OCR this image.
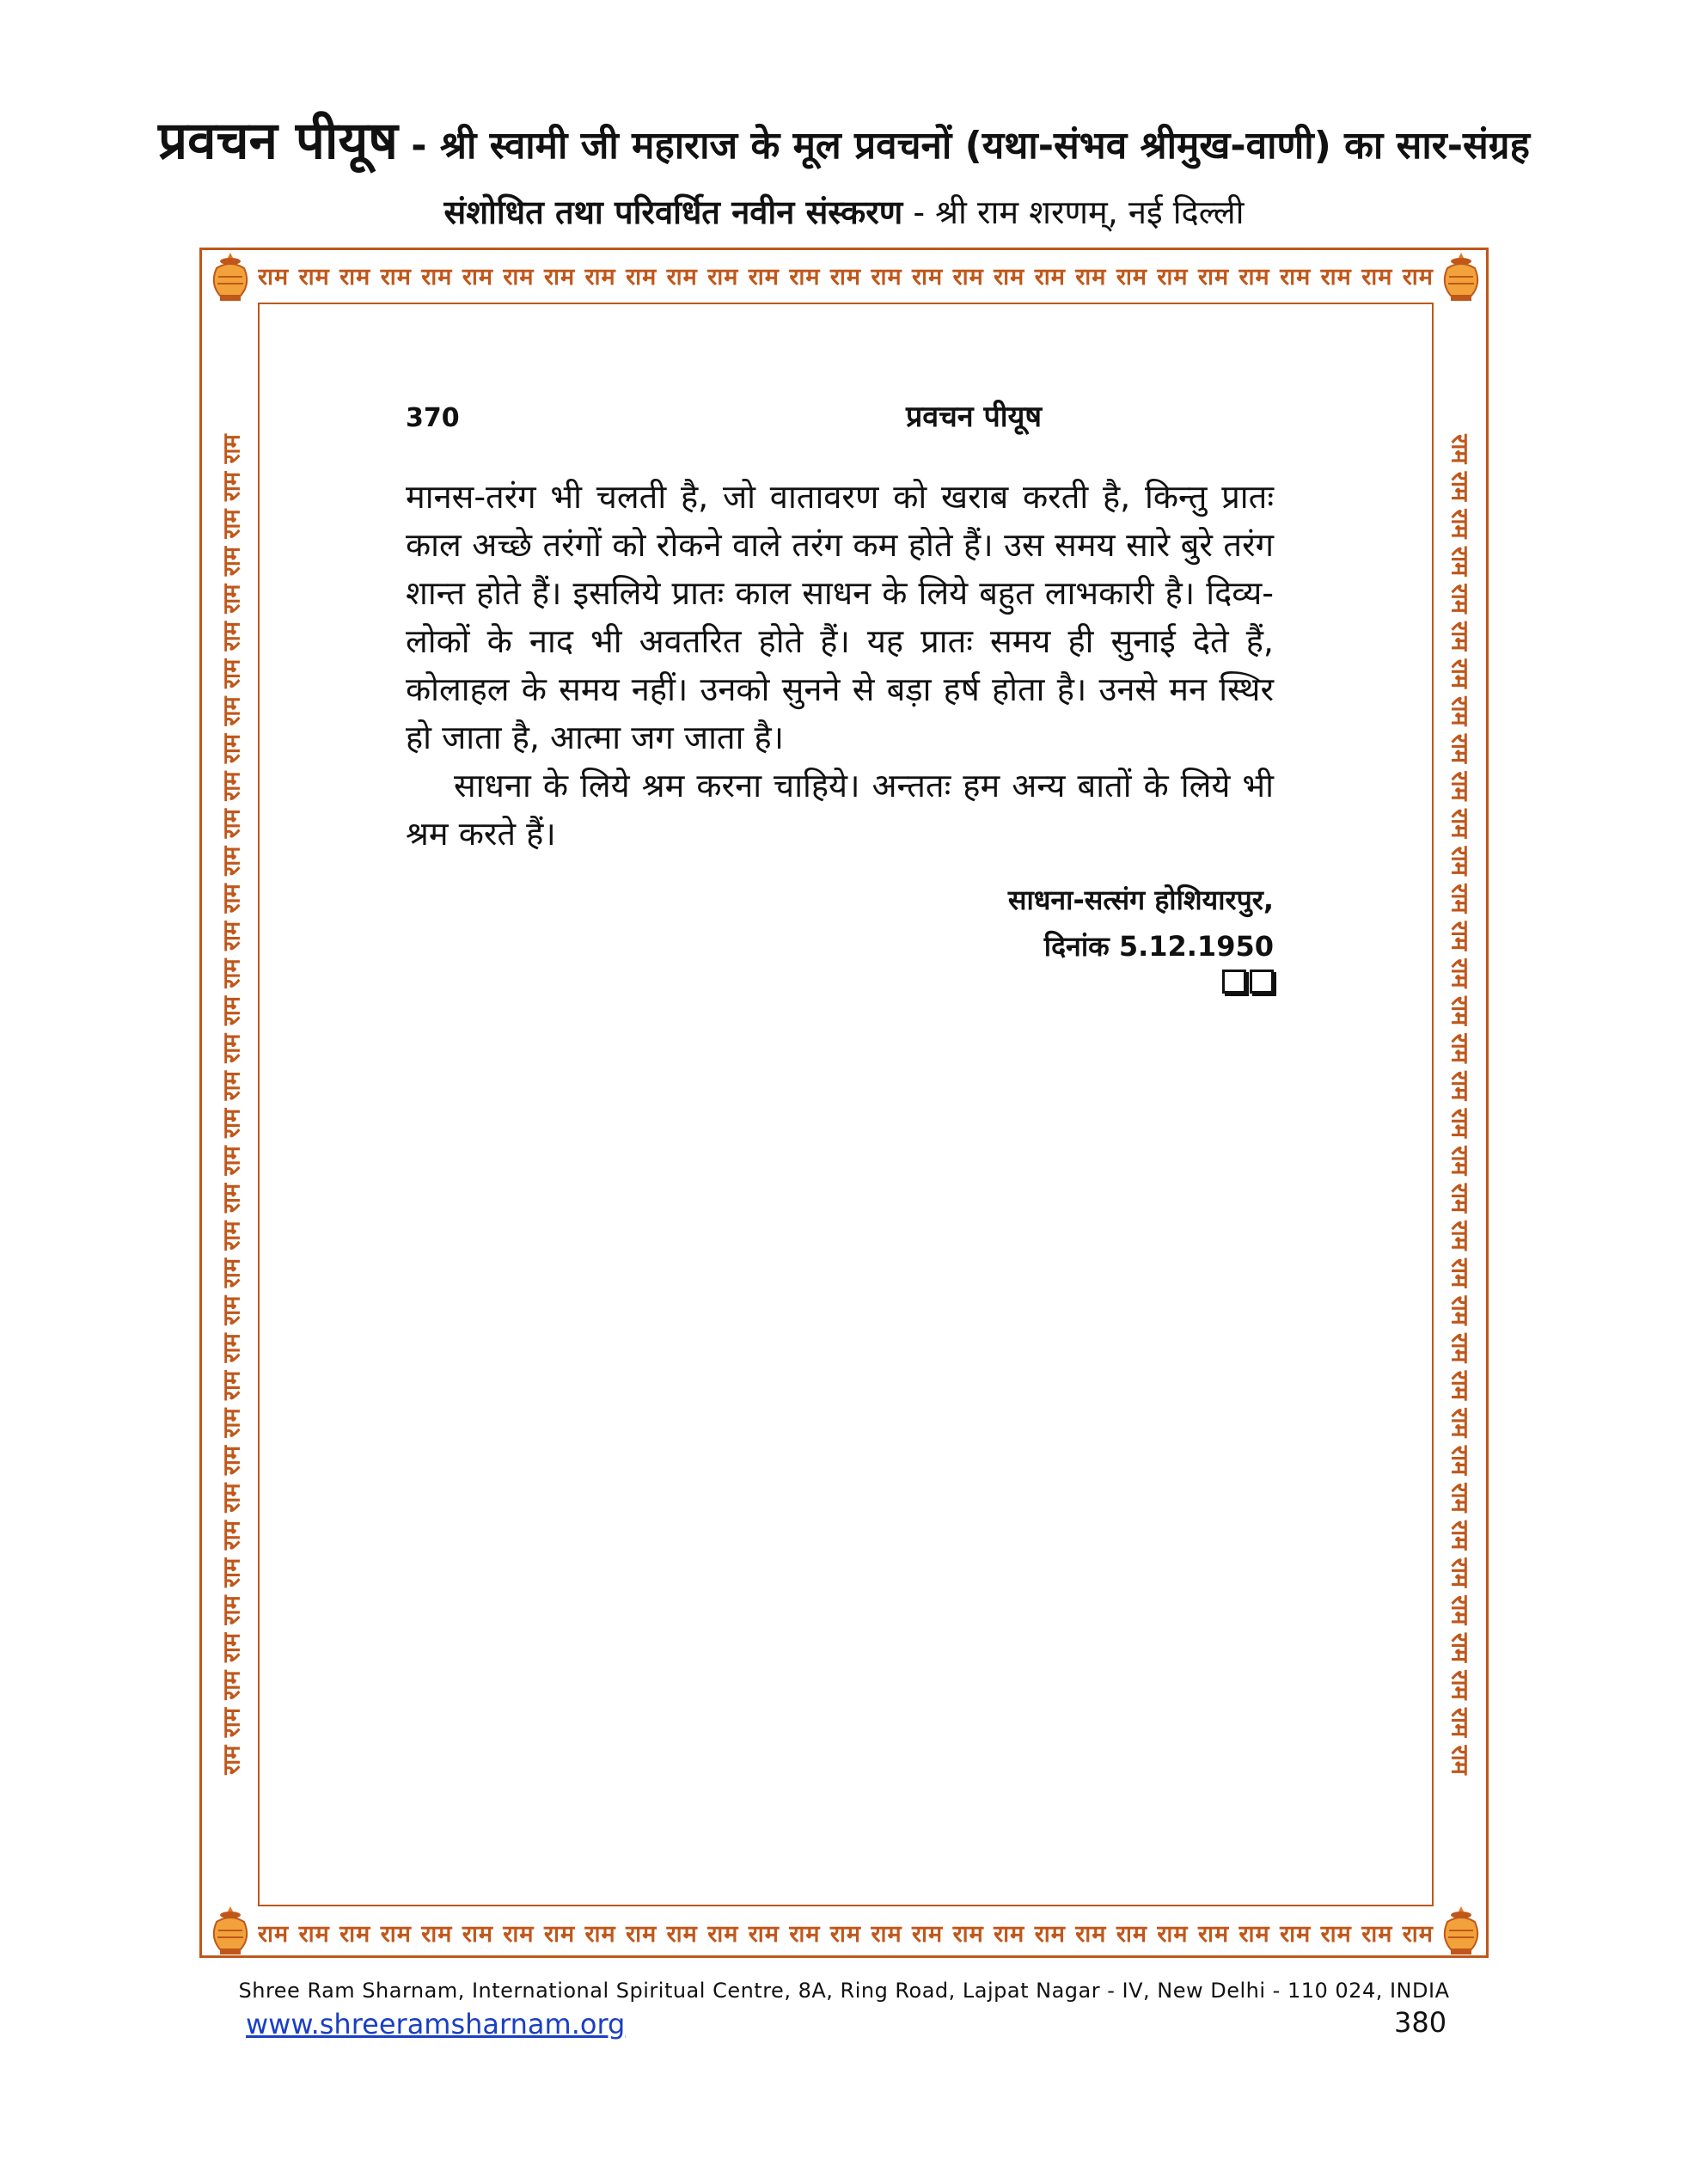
प्रवचन पीयूष - श्री स्वामी जी महाराज के मूल प्रवचनों (यथा-संभव श्रीमुख-वाणी) का सार-संग्रह
संशोधित तथा परिवर्धित नवीन संस्करण - श्री राम शरणम्, नई दिल्ली
राम राम राम राम राम राम राम राम राम राम राम राम राम राम राम राम राम राम राम राम राम राम राम राम राम राम राम राम राम
राम राम राम राम राम राम राम राम राम राम राम राम राम राम राम राम राम राम राम राम राम राम राम राम राम राम राम राम राम
राम राम राम राम राम राम राम राम राम राम राम राम राम राम राम राम राम राम राम राम राम राम राम राम राम राम राम राम राम राम राम राम राम राम राम राम	राम राम राम राम राम राम राम राम राम राम राम राम राम राम राम राम राम राम राम राम राम राम राम राम राम राम राम राम राम राम राम राम राम राम राम राम
370	प्रवचन पीयूष

मानस-तरंग भी चलती है, जो वातावरण को खराब करती है, किन्तु प्रातः काल अच्छे तरंगों को रोकने वाले तरंग कम होते हैं। उस समय सारे बुरे तरंग शान्त होते हैं। इसलिये प्रातः काल साधन के लिये बहुत लाभकारी है। दिव्य-लोकों के नाद भी अवतरित होते हैं। यह प्रातः समय ही सुनाई देते हैं, कोलाहल के समय नहीं। उनको सुनने से बड़ा हर्ष होता है। उनसे मन स्थिर हो जाता है, आत्मा जग जाता है।

साधना के लिये श्रम करना चाहिये। अन्ततः हम अन्य बातों के लिये भी श्रम करते हैं।

साधना-सत्संग होशियारपुर,
दिनांक 5.12.1950
Shree Ram Sharnam, International Spiritual Centre, 8A, Ring Road, Lajpat Nagar - IV, New Delhi - 110 024, INDIA
www.shreeramsharnam.org	380
